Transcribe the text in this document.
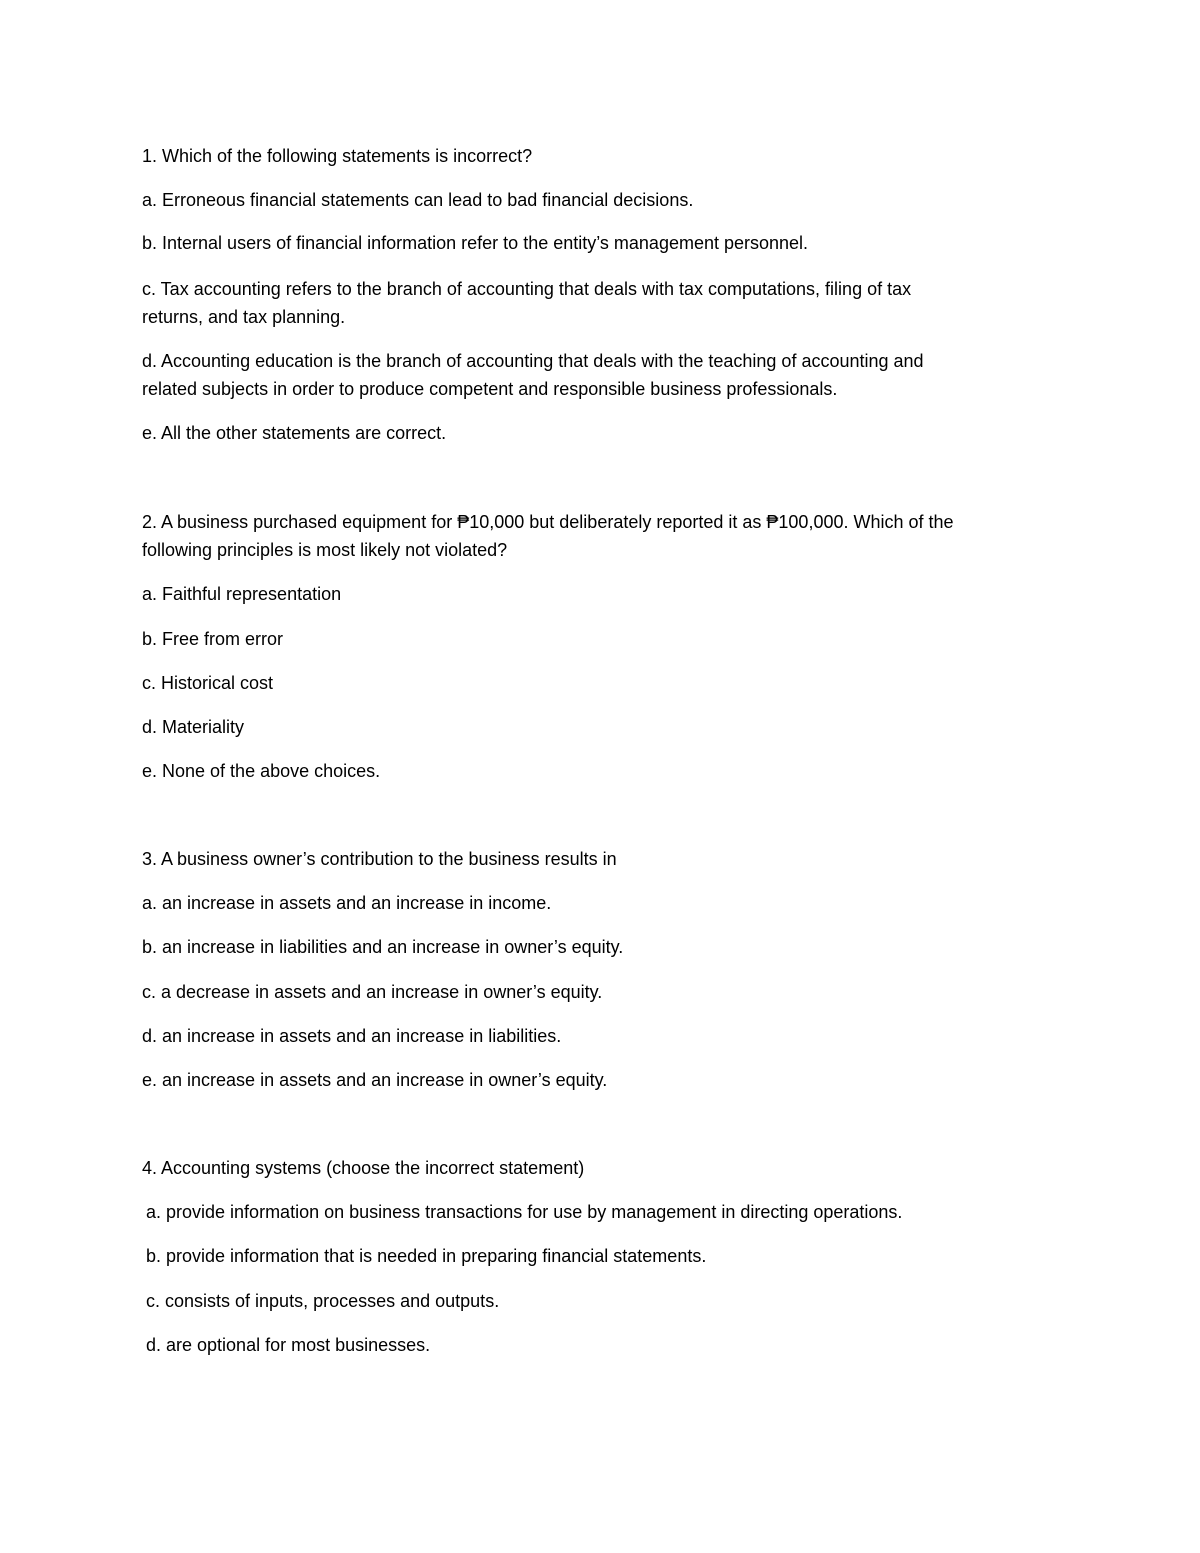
1. Which of the following statements is incorrect?

a. Erroneous financial statements can lead to bad financial decisions.

b. Internal users of financial information refer to the entity’s management personnel.

c. Tax accounting refers to the branch of accounting that deals with tax computations, filing of tax

returns, and tax planning.

d. Accounting education is the branch of accounting that deals with the teaching of accounting and

related subjects in order to produce competent and responsible business professionals.

e. All the other statements are correct.

2. A business purchased equipment for ₱10,000 but deliberately reported it as ₱100,000. Which of the

following principles is most likely not violated?

a. Faithful representation

b. Free from error

c. Historical cost

d. Materiality

e. None of the above choices.

3. A business owner’s contribution to the business results in

a. an increase in assets and an increase in income.

b. an increase in liabilities and an increase in owner’s equity.

c. a decrease in assets and an increase in owner’s equity.

d. an increase in assets and an increase in liabilities.

e. an increase in assets and an increase in owner’s equity.

4. Accounting systems (choose the incorrect statement)

a. provide information on business transactions for use by management in directing operations.

b. provide information that is needed in preparing financial statements.

c. consists of inputs, processes and outputs.

d. are optional for most businesses.
